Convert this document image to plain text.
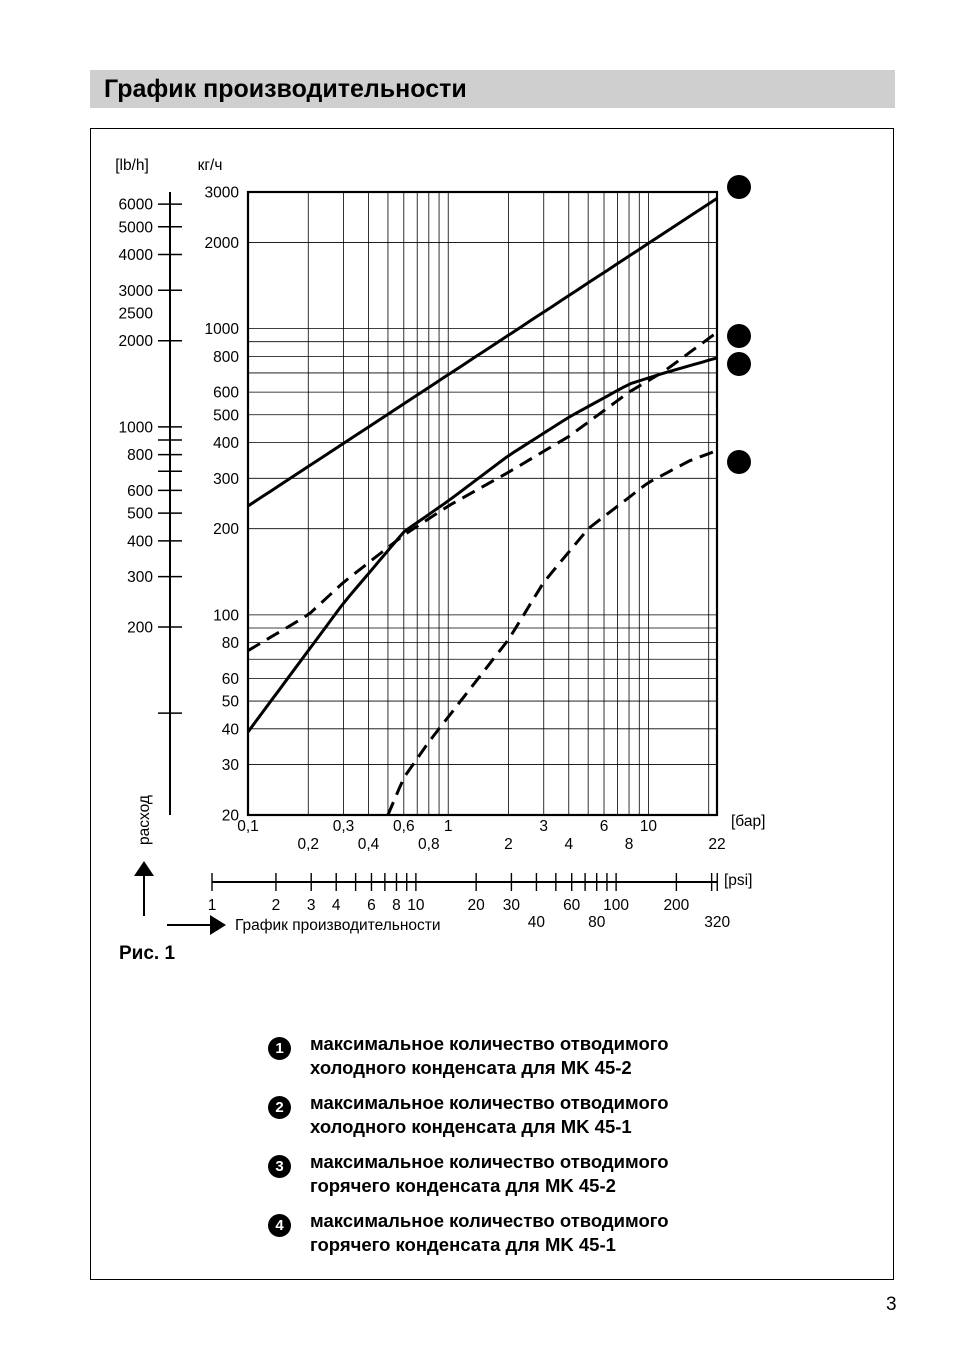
График производительности
1
2
3
4
3000
2000
1000
800
600
500
400
300
200
100
80
60
50
40
30
20
0,1	0,3 0,6 1	3	6 10
0,2 0,4 0,8	2	4	8	22
[бар]
кг/ч
6000
5000
4000
3000
2500
2000
1000
800
600
500
400
300
200
[lb/h]
1	2 3 4 6 8 10	20 30	60 100 200
40	80	320
[psi]
расход
График производительности
Рис. 1
1	максимальное количество отводимого
холодного конденсата для MK 45-2
2	максимальное количество отводимого
холодного конденсата для MK 45-1
3	максимальное количество отводимого
горячего конденсата для MK 45-2
4	максимальное количество отводимого
горячего конденсата для MK 45-1
3
